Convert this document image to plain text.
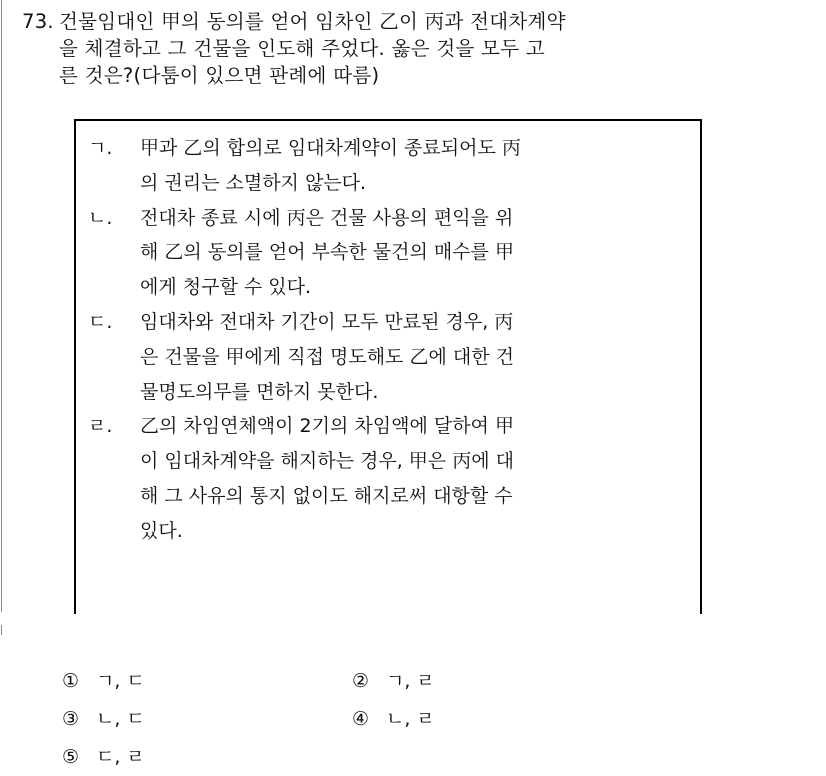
73. 건물임대인 甲의 동의를 얻어 임차인 乙이 丙과 전대차계약
을 체결하고 그 건물을 인도해 주었다. 옳은 것을 모두 고
른 것은?(다툼이 있으면 판례에 따름)
ㄱ. 甲과 乙의 합의로 임대차계약이 종료되어도 丙
의 권리는 소멸하지 않는다.
ㄴ. 전대차 종료 시에 丙은 건물 사용의 편익을 위
해 乙의 동의를 얻어 부속한 물건의 매수를 甲
에게 청구할 수 있다.
ㄷ. 임대차와 전대차 기간이 모두 만료된 경우, 丙
은 건물을 甲에게 직접 명도해도 乙에 대한 건
물명도의무를 면하지 못한다.
ㄹ. 乙의 차임연체액이 2기의 차임액에 달하여 甲
이 임대차계약을 해지하는 경우, 甲은 丙에 대
해 그 사유의 통지 없이도 해지로써 대항할 수
있다.
① ㄱ, ㄷ	② ㄱ, ㄹ
③ ㄴ, ㄷ	④ ㄴ, ㄹ
⑤ ㄷ, ㄹ
